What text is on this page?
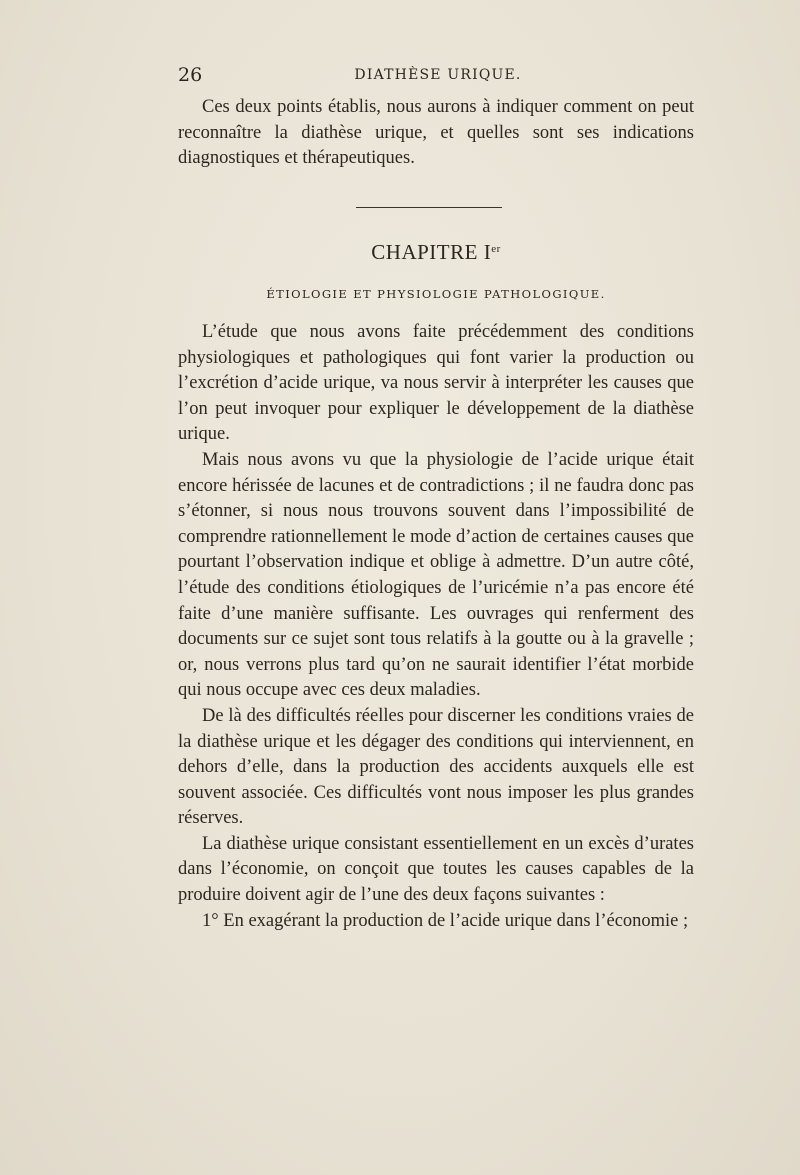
26	DIATHÈSE URIQUE.

Ces deux points établis, nous aurons à indiquer comment on peut reconnaître la diathèse urique, et quelles sont ses indications diagnostiques et thérapeutiques.

CHAPITRE Ier
ÉTIOLOGIE ET PHYSIOLOGIE PATHOLOGIQUE.

L’étude que nous avons faite précédemment des conditions physiologiques et pathologiques qui font varier la production ou l’excrétion d’acide urique, va nous servir à interpréter les causes que l’on peut invoquer pour expliquer le développement de la diathèse urique.

Mais nous avons vu que la physiologie de l’acide urique était encore hérissée de lacunes et de contradictions ; il ne faudra donc pas s’étonner, si nous nous trouvons souvent dans l’impossibilité de comprendre rationnellement le mode d’action de certaines causes que pourtant l’observation indique et oblige à admettre. D’un autre côté, l’étude des conditions étiologiques de l’uricémie n’a pas encore été faite d’une manière suffisante. Les ouvrages qui renferment des documents sur ce sujet sont tous relatifs à la goutte ou à la gravelle ; or, nous verrons plus tard qu’on ne saurait identifier l’état morbide qui nous occupe avec ces deux maladies.

De là des difficultés réelles pour discerner les conditions vraies de la diathèse urique et les dégager des conditions qui interviennent, en dehors d’elle, dans la production des accidents auxquels elle est souvent associée. Ces difficultés vont nous imposer les plus grandes réserves.

La diathèse urique consistant essentiellement en un excès d’urates dans l’économie, on conçoit que toutes les causes capables de la produire doivent agir de l’une des deux façons suivantes :

1° En exagérant la production de l’acide urique dans l’économie ;
